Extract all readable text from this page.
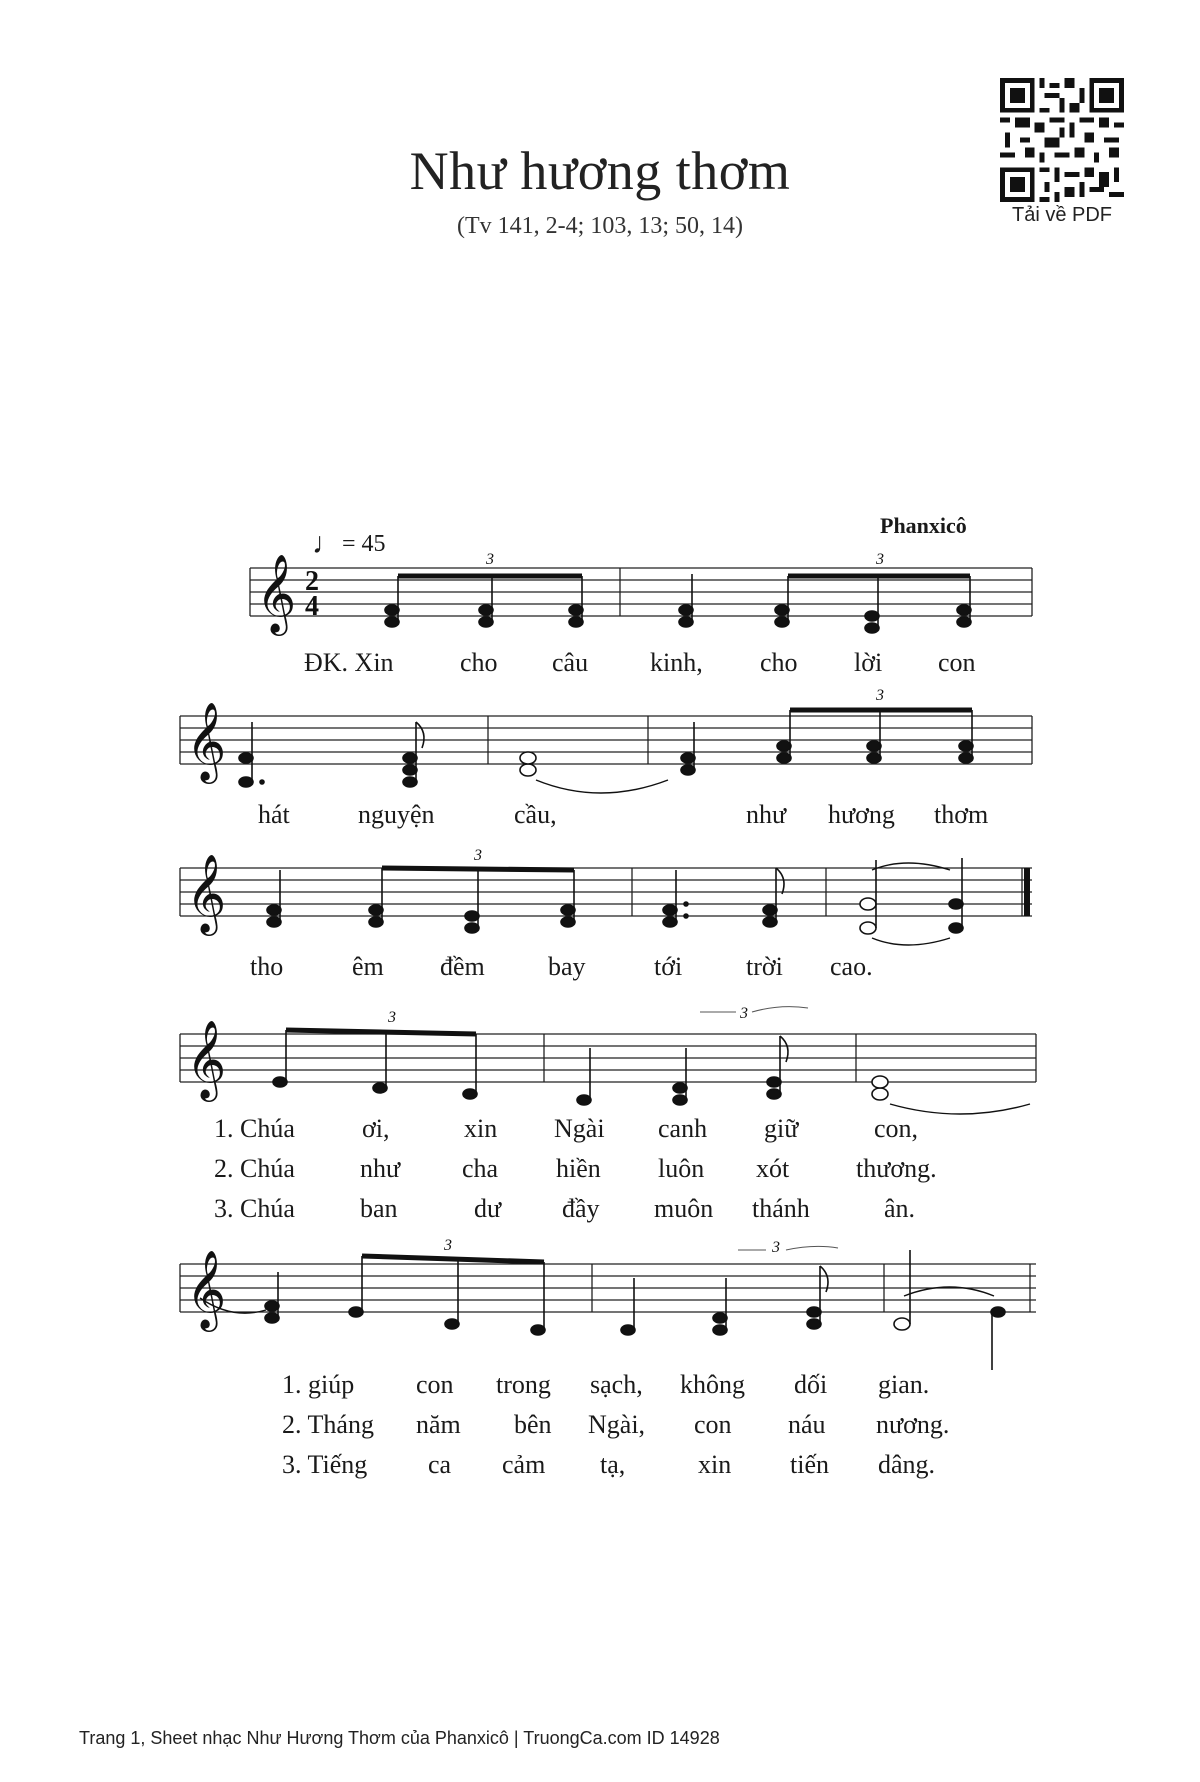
Như hương thơm
(Tv 141, 2-4; 103, 13; 50, 14)	Tải về PDF
♩= 45
Phanxicô
𝄞
𝄞
𝄞
𝄞
𝄞
2
4
3	3
3
3
3	3
3	3
ĐK. Xin	cho câu kinh, cho lời con
hát	nguyện	cầu,	như hương thơm
tho	êm đềm bay	tới trời cao.
1. Chúa	ơi,	xin Ngài canh giữ	con,
2. Chúa	như cha hiền luôn xót	thương.
3. Chúa	ban	dư đầy muôn thánh	ân.
1. giúp con trong sạch, không dối gian.
2. Tháng năm bên Ngài, con náu nương.
3. Tiếng ca cảm tạ,	xin tiến dâng.
Trang 1, Sheet nhạc Như Hương Thơm của Phanxicô | TruongCa.com ID 14928
